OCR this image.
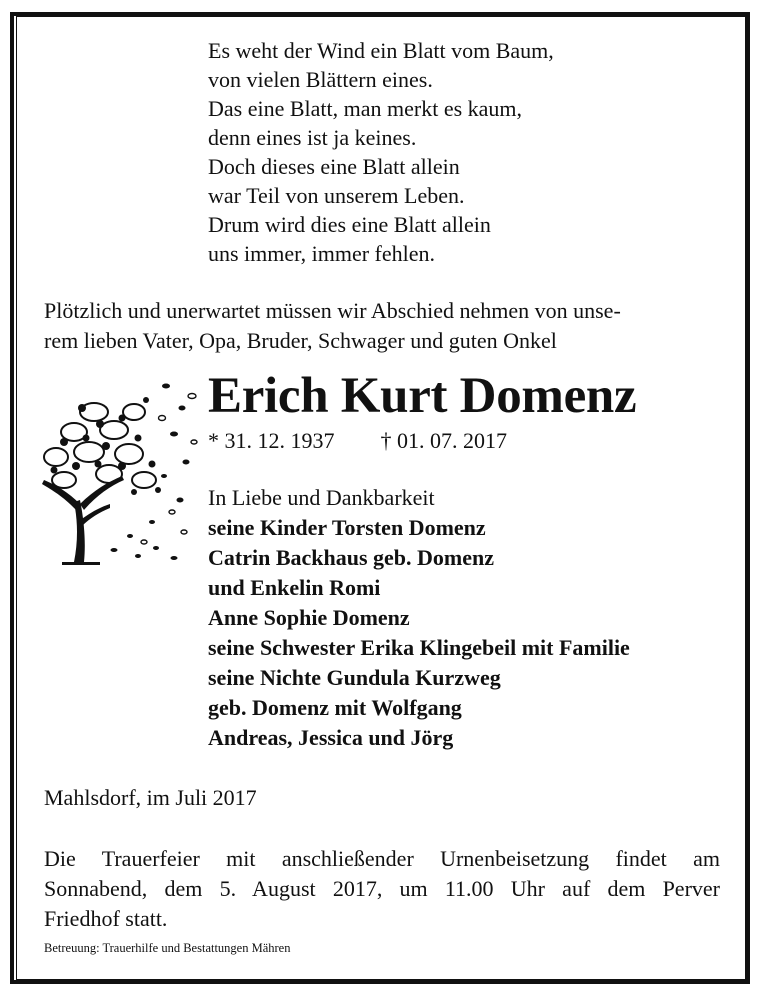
Es weht der Wind ein Blatt vom Baum,
von vielen Blättern eines.
Das eine Blatt, man merkt es kaum,
denn eines ist ja keines.
Doch dieses eine Blatt allein
war Teil von unserem Leben.
Drum wird dies eine Blatt allein
uns immer, immer fehlen.
Plötzlich und unerwartet müssen wir Abschied nehmen von unse-
rem lieben Vater, Opa, Bruder, Schwager und guten Onkel
Erich Kurt Domenz
* 31. 12. 1937 † 01. 07. 2017
In Liebe und Dankbarkeit
seine Kinder Torsten Domenz
Catrin Backhaus geb. Domenz
und Enkelin Romi
Anne Sophie Domenz
seine Schwester Erika Klingebeil mit Familie
seine Nichte Gundula Kurzweg
geb. Domenz mit Wolfgang
Andreas, Jessica und Jörg
Mahlsdorf, im Juli 2017
Die Trauerfeier mit anschließender Urnenbeisetzung findet am
Sonnabend, dem 5. August 2017, um 11.00 Uhr auf dem Perver
Friedhof statt.
Betreuung: Trauerhilfe und Bestattungen Mähren
